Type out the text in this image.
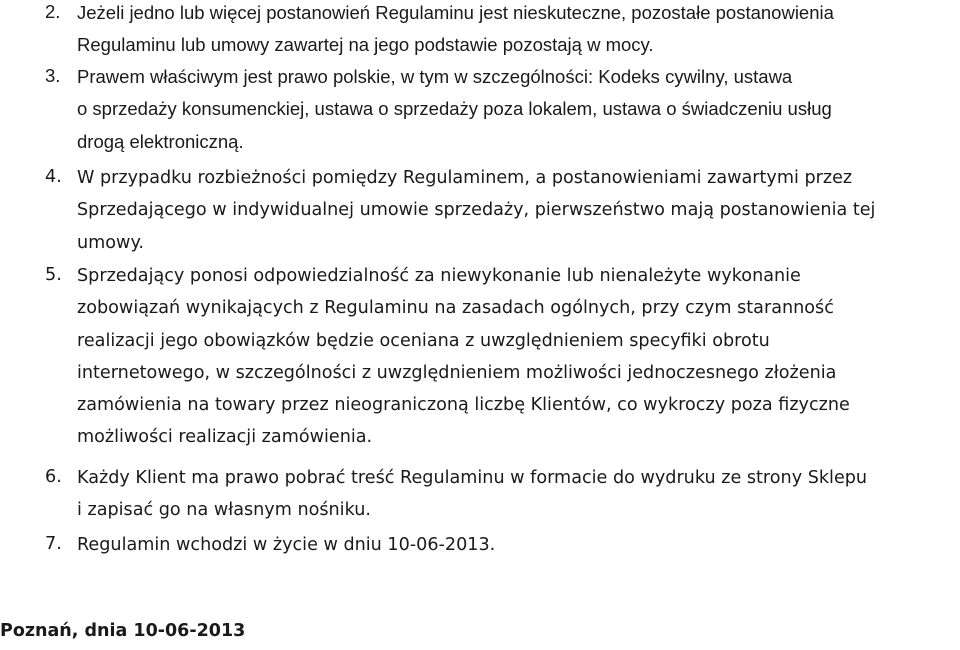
2. Jeżeli jedno lub więcej postanowień Regulaminu jest nieskuteczne, pozostałe postanowienia
Regulaminu lub umowy zawartej na jego podstawie pozostają w mocy.
3. Prawem właściwym jest prawo polskie, w tym w szczególności: Kodeks cywilny, ustawa
o sprzedaży konsumenckiej, ustawa o sprzedaży poza lokalem, ustawa o świadczeniu usług
drogą elektroniczną.
4. W przypadku rozbieżności pomiędzy Regulaminem, a postanowieniami zawartymi przez
Sprzedającego w indywidualnej umowie sprzedaży, pierwszeństwo mają postanowienia tej
umowy.
5. Sprzedający ponosi odpowiedzialność za niewykonanie lub nienależyte wykonanie
zobowiązań wynikających z Regulaminu na zasadach ogólnych, przy czym staranność
realizacji jego obowiązków będzie oceniana z uwzględnieniem specyfiki obrotu
internetowego, w szczególności z uwzględnieniem możliwości jednoczesnego złożenia
zamówienia na towary przez nieograniczoną liczbę Klientów, co wykroczy poza fizyczne
możliwości realizacji zamówienia.
6. Każdy Klient ma prawo pobrać treść Regulaminu w formacie do wydruku ze strony Sklepu
i zapisać go na własnym nośniku.
7. Regulamin wchodzi w życie w dniu 10-06-2013.
Poznań, dnia 10-06-2013
